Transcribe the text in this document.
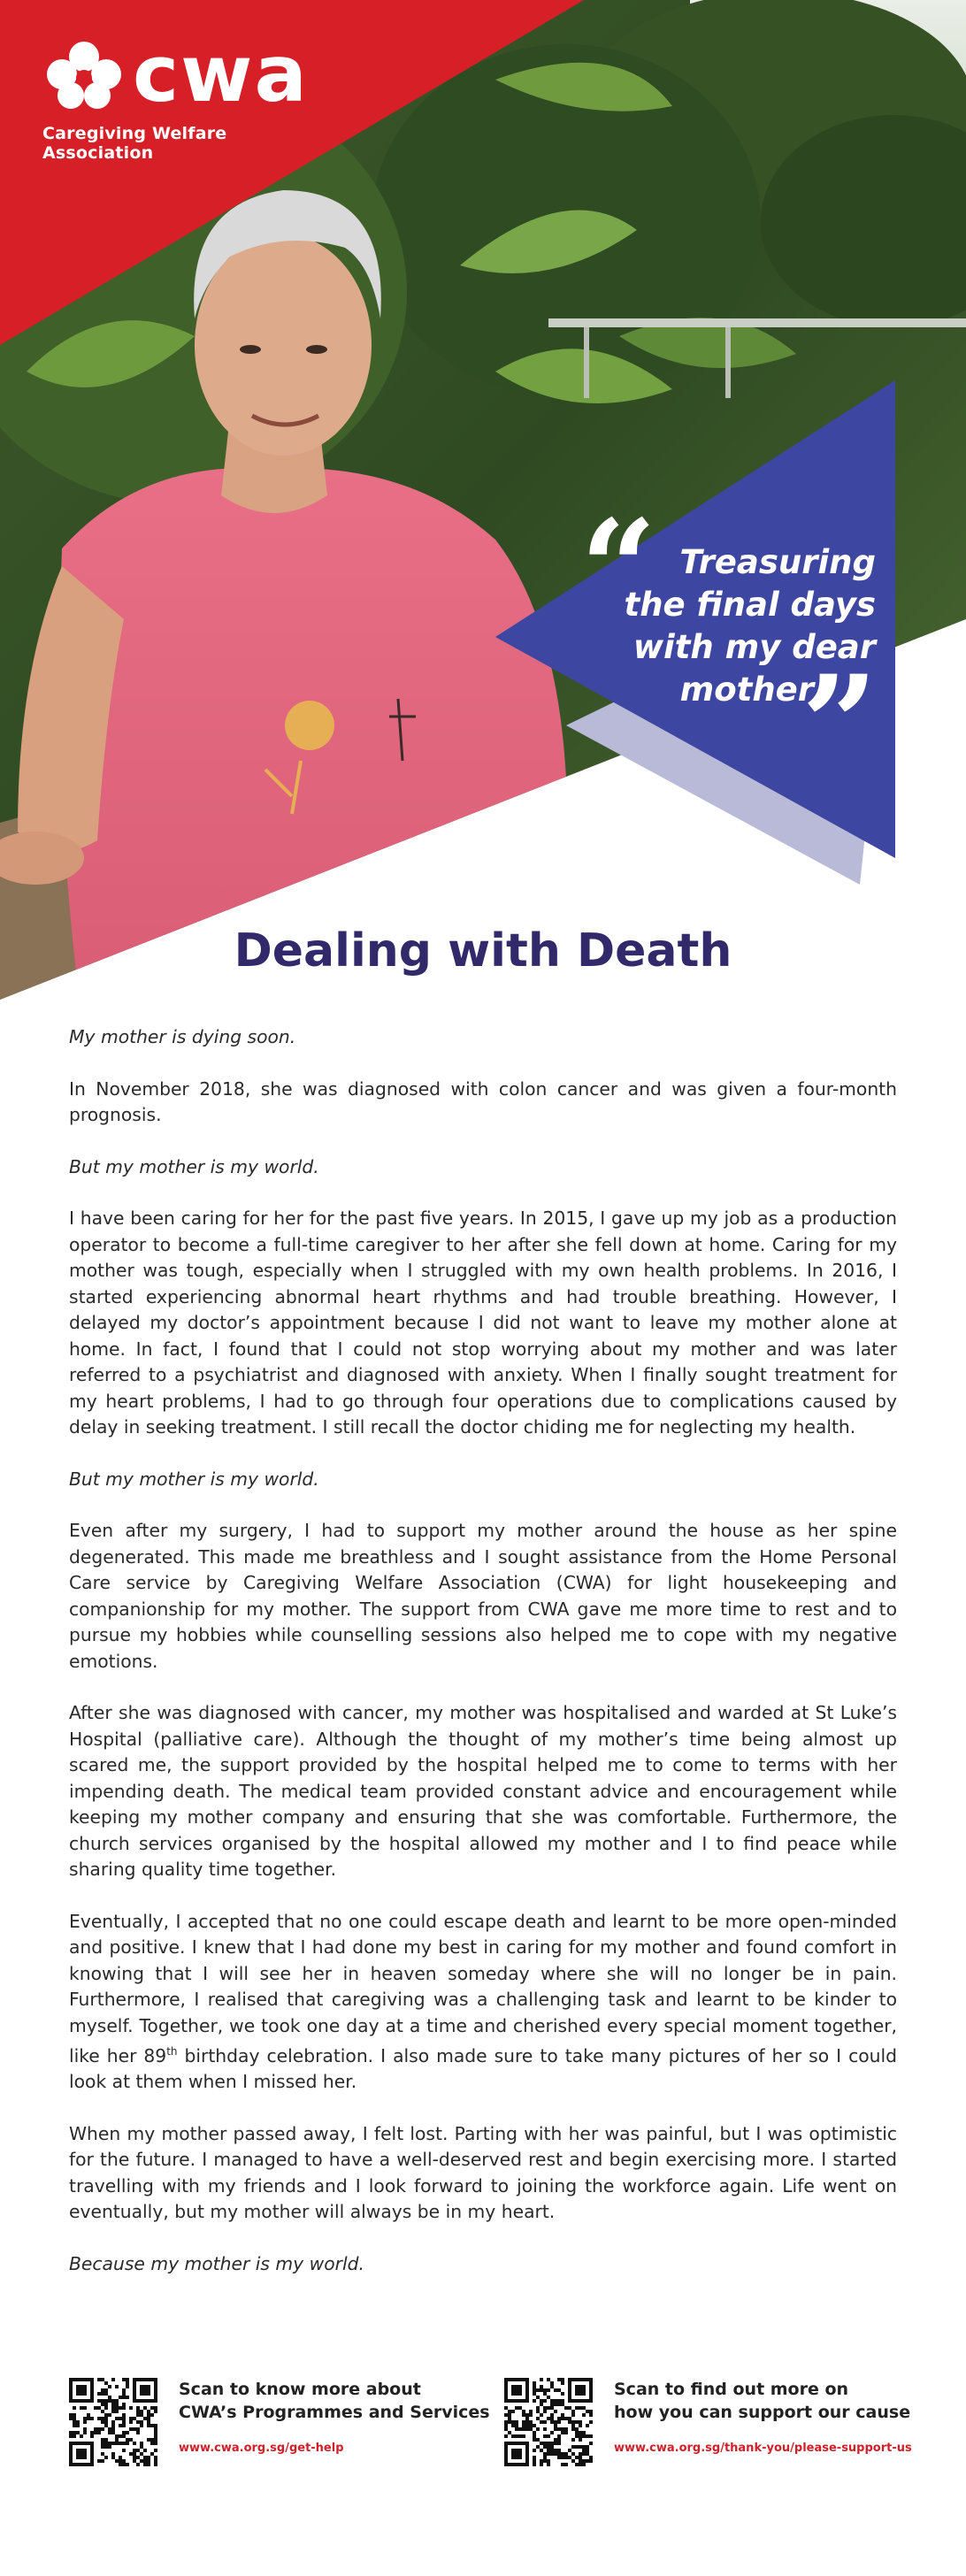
cwa
Caregiving Welfare Association
“ Treasuring
the final days
with my dear
mother
”
Dealing with Death

My mother is dying soon.

In November 2018, she was diagnosed with colon cancer and was given a four-month prognosis.

But my mother is my world.

I have been caring for her for the past five years. In 2015, I gave up my job as a production operator to become a full-time caregiver to her after she fell down at home. Caring for my mother was tough, especially when I struggled with my own health problems. In 2016, I started experiencing abnormal heart rhythms and had trouble breathing. However, I delayed my doctor’s appointment because I did not want to leave my mother alone at home. In fact, I found that I could not stop worrying about my mother and was later referred to a psychiatrist and diagnosed with anxiety. When I finally sought treatment for my heart problems, I had to go through four operations due to complications caused by delay in seeking treatment. I still recall the doctor chiding me for neglecting my health.

But my mother is my world.

Even after my surgery, I had to support my mother around the house as her spine degenerated. This made me breathless and I sought assistance from the Home Personal Care service by Caregiving Welfare Association (CWA) for light housekeeping and companionship for my mother. The support from CWA gave me more time to rest and to pursue my hobbies while counselling sessions also helped me to cope with my negative emotions.

After she was diagnosed with cancer, my mother was hospitalised and warded at St Luke’s Hospital (palliative care). Although the thought of my mother’s time being almost up scared me, the support provided by the hospital helped me to come to terms with her impending death. The medical team provided constant advice and encouragement while keeping my mother company and ensuring that she was comfortable. Furthermore, the church services organised by the hospital allowed my mother and I to find peace while sharing quality time together.

Eventually, I accepted that no one could escape death and learnt to be more open-minded and positive. I knew that I had done my best in caring for my mother and found comfort in knowing that I will see her in heaven someday where she will no longer be in pain. Furthermore, I realised that caregiving was a challenging task and learnt to be kinder to myself. Together, we took one day at a time and cherished every special moment together, like her 89th birthday celebration. I also made sure to take many pictures of her so I could look at them when I missed her.

When my mother passed away, I felt lost. Parting with her was painful, but I was optimistic for the future. I managed to have a well-deserved rest and begin exercising more. I started travelling with my friends and I look forward to joining the workforce again. Life went on eventually, but my mother will always be in my heart.

Because my mother is my world.

Scan to know more about
CWA’s Programmes and Services
www.cwa.org.sg/get-help
Scan to find out more on
how you can support our cause
www.cwa.org.sg/thank-you/please-support-us
